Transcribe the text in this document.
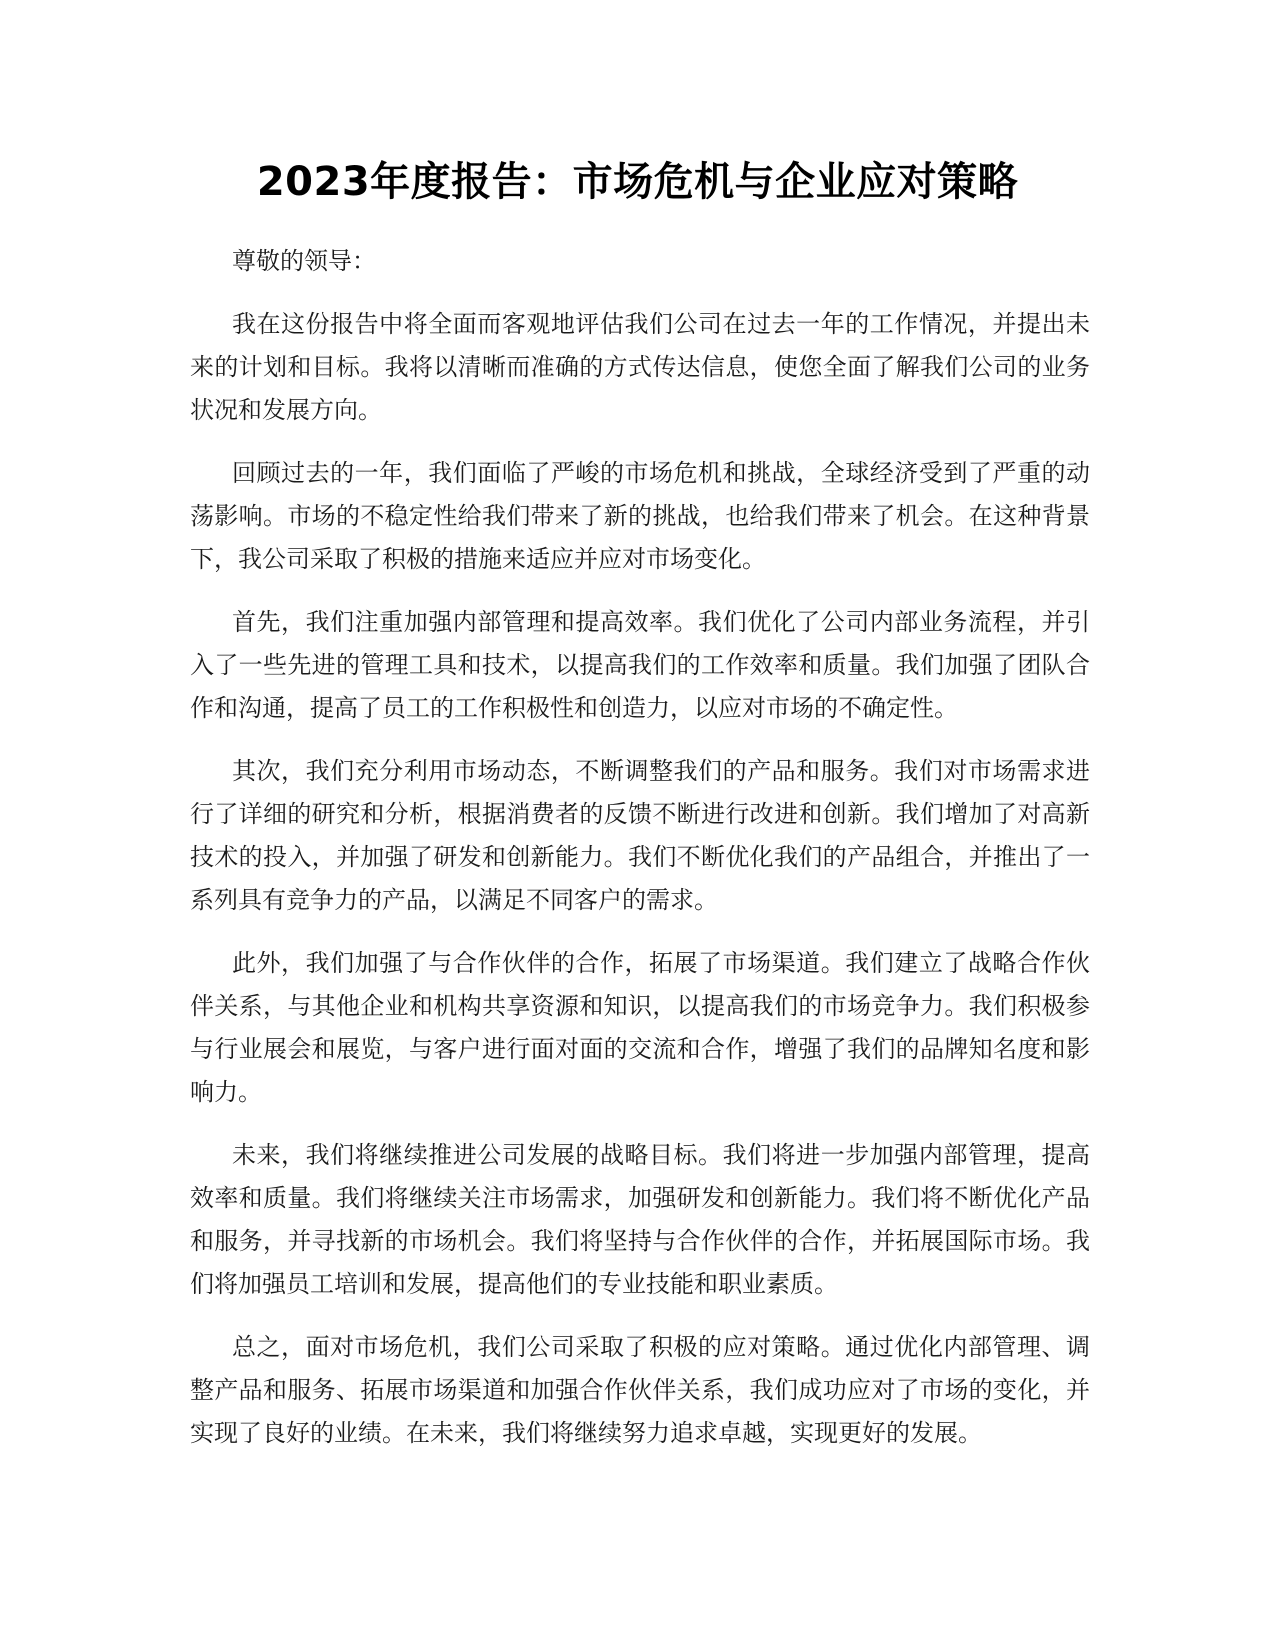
2023年度报告：市场危机与企业应对策略

尊敬的领导：

我在这份报告中将全面而客观地评估我们公司在过去一年的工作情况，并提出未来的计划和目标。我将以清晰而准确的方式传达信息，使您全面了解我们公司的业务状况和发展方向。

回顾过去的一年，我们面临了严峻的市场危机和挑战，全球经济受到了严重的动荡影响。市场的不稳定性给我们带来了新的挑战，也给我们带来了机会。在这种背景下，我公司采取了积极的措施来适应并应对市场变化。

首先，我们注重加强内部管理和提高效率。我们优化了公司内部业务流程，并引入了一些先进的管理工具和技术，以提高我们的工作效率和质量。我们加强了团队合作和沟通，提高了员工的工作积极性和创造力，以应对市场的不确定性。

其次，我们充分利用市场动态，不断调整我们的产品和服务。我们对市场需求进行了详细的研究和分析，根据消费者的反馈不断进行改进和创新。我们增加了对高新技术的投入，并加强了研发和创新能力。我们不断优化我们的产品组合，并推出了一系列具有竞争力的产品，以满足不同客户的需求。

此外，我们加强了与合作伙伴的合作，拓展了市场渠道。我们建立了战略合作伙伴关系，与其他企业和机构共享资源和知识，以提高我们的市场竞争力。我们积极参与行业展会和展览，与客户进行面对面的交流和合作，增强了我们的品牌知名度和影响力。

未来，我们将继续推进公司发展的战略目标。我们将进一步加强内部管理，提高效率和质量。我们将继续关注市场需求，加强研发和创新能力。我们将不断优化产品和服务，并寻找新的市场机会。我们将坚持与合作伙伴的合作，并拓展国际市场。我们将加强员工培训和发展，提高他们的专业技能和职业素质。

总之，面对市场危机，我们公司采取了积极的应对策略。通过优化内部管理、调整产品和服务、拓展市场渠道和加强合作伙伴关系，我们成功应对了市场的变化，并实现了良好的业绩。在未来，我们将继续努力追求卓越，实现更好的发展。
